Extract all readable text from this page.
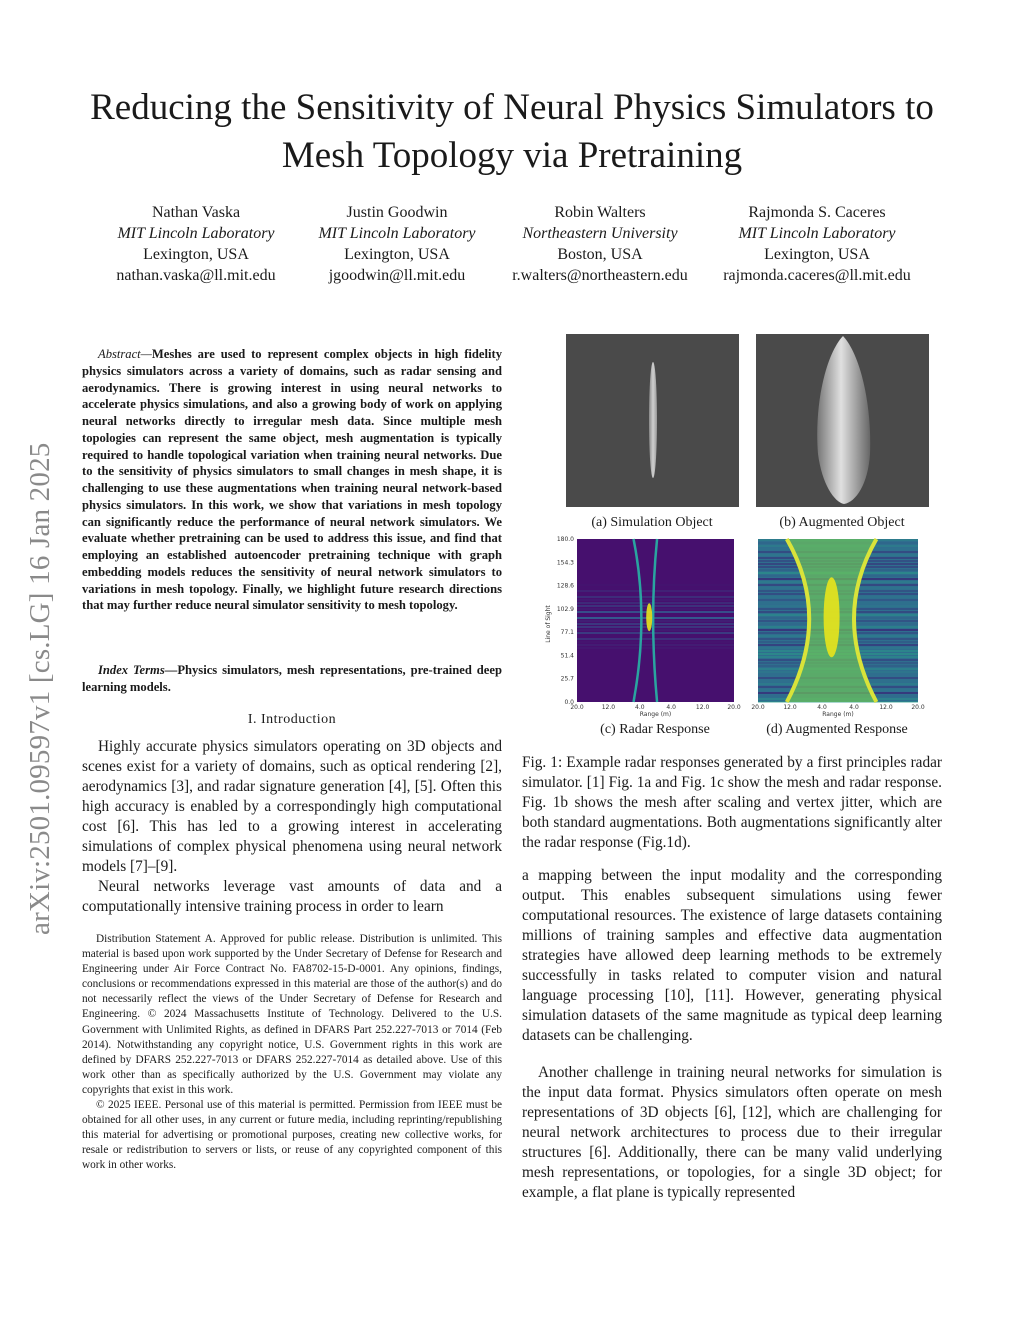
Reducing the Sensitivity of Neural Physics Simulators to Mesh Topology via Pretraining
Nathan Vaska
MIT Lincoln Laboratory
Lexington, USA
nathan.vaska@ll.mit.edu
Justin Goodwin
MIT Lincoln Laboratory
Lexington, USA
jgoodwin@ll.mit.edu
Robin Walters
Northeastern University
Boston, USA
r.walters@northeastern.edu
Rajmonda S. Caceres
MIT Lincoln Laboratory
Lexington, USA
rajmonda.caceres@ll.mit.edu
arXiv:2501.09597v1 [cs.LG] 16 Jan 2025
Abstract—Meshes are used to represent complex objects in high fidelity physics simulators across a variety of domains, such as radar sensing and aerodynamics. There is growing interest in using neural networks to accelerate physics simulations, and also a growing body of work on applying neural networks directly to irregular mesh data. Since multiple mesh topologies can represent the same object, mesh augmentation is typically required to handle topological variation when training neural networks. Due to the sensitivity of physics simulators to small changes in mesh shape, it is challenging to use these augmentations when training neural network-based physics simulators. In this work, we show that variations in mesh topology can significantly reduce the performance of neural network simulators. We evaluate whether pretraining can be used to address this issue, and find that employing an established autoencoder pretraining technique with graph embedding models reduces the sensitivity of neural network simulators to variations in mesh topology. Finally, we highlight future research directions that may further reduce neural simulator sensitivity to mesh topology.
Index Terms—Physics simulators, mesh representations, pre-trained deep learning models.
I. Introduction

Highly accurate physics simulators operating on 3D objects and scenes exist for a variety of domains, such as optical rendering [2], aerodynamics [3], and radar signature generation [4], [5]. Often this high accuracy is enabled by a correspondingly high computational cost [6]. This has led to a growing interest in accelerating simulations of complex physical phenomena using neural network models [7]–[9].

Neural networks leverage vast amounts of data and a computationally intensive training process in order to learn

Distribution Statement A. Approved for public release. Distribution is unlimited. This material is based upon work supported by the Under Secretary of Defense for Research and Engineering under Air Force Contract No. FA8702-15-D-0001. Any opinions, findings, conclusions or recommendations expressed in this material are those of the author(s) and do not necessarily reflect the views of the Under Secretary of Defense for Research and Engineering. © 2024 Massachusetts Institute of Technology. Delivered to the U.S. Government with Unlimited Rights, as defined in DFARS Part 252.227-7013 or 7014 (Feb 2014). Notwithstanding any copyright notice, U.S. Government rights in this work are defined by DFARS 252.227-7013 or DFARS 252.227-7014 as detailed above. Use of this work other than as specifically authorized by the U.S. Government may violate any copyrights that exist in this work.

© 2025 IEEE. Personal use of this material is permitted. Permission from IEEE must be obtained for all other uses, in any current or future media, including reprinting/republishing this material for advertising or promotional purposes, creating new collective works, for resale or redistribution to servers or lists, or reuse of any copyrighted component of this work in other works.

(a) Simulation Object	(b) Augmented Object
20.0	12.0	4.0	4.0	12.0	20.0
Range (m)
0.0
25.7
51.4
77.1
102.9
128.6
154.3
180.0
Line of Sight
20.0	12.0	4.0	4.0	12.0	20.0
Range (m)
(c) Radar Response	(d) Augmented Response
Fig. 1: Example radar responses generated by a first principles radar simulator. [1] Fig. 1a and Fig. 1c show the mesh and radar response. Fig. 1b shows the mesh after scaling and vertex jitter, which are both standard augmentations. Both augmentations significantly alter the radar response (Fig.1d).

a mapping between the input modality and the corresponding output. This enables subsequent simulations using fewer computational resources. The existence of large datasets containing millions of training samples and effective data augmentation strategies have allowed deep learning methods to be extremely successfully in tasks related to computer vision and natural language processing [10], [11]. However, generating physical simulation datasets of the same magnitude as typical deep learning datasets can be challenging.

Another challenge in training neural networks for simulation is the input data format. Physics simulators often operate on mesh representations of 3D objects [6], [12], which are challenging for neural network architectures to process due to their irregular structures [6]. Additionally, there can be many valid underlying mesh representations, or topologies, for a single 3D object; for example, a flat plane is typically represented
